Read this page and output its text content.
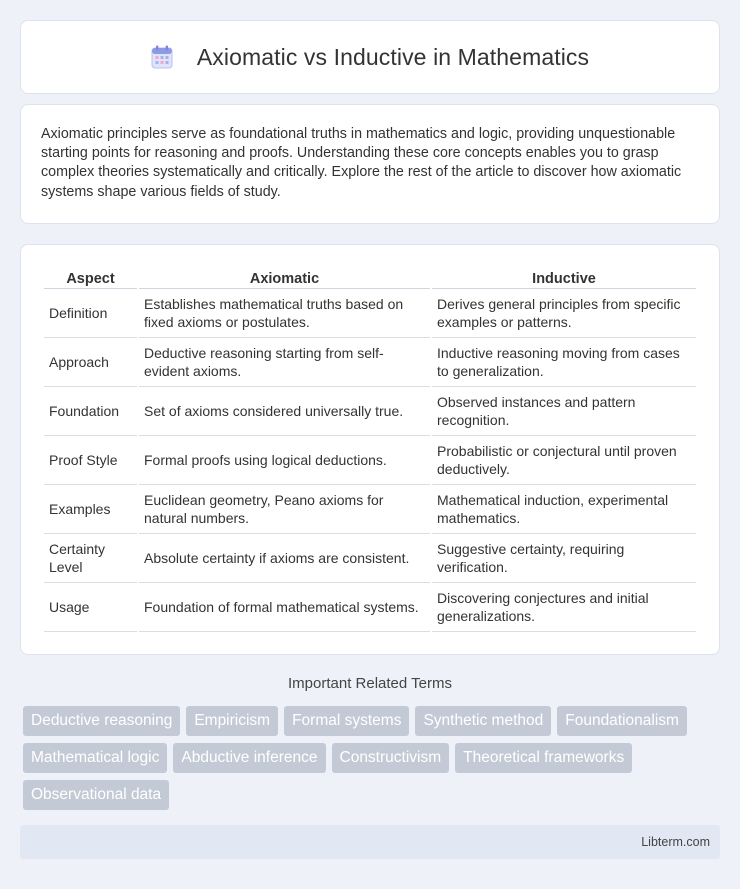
Axiomatic vs Inductive in Mathematics

Axiomatic principles serve as foundational truths in mathematics and logic, providing unquestionable starting points for reasoning and proofs. Understanding these core concepts enables you to grasp complex theories systematically and critically. Explore the rest of the article to discover how axiomatic systems shape various fields of study.

Aspect	Axiomatic	Inductive
Definition	Establishes mathematical truths based on fixed axioms or postulates.	Derives general principles from specific examples or patterns.
Approach	Deductive reasoning starting from self-evident axioms.	Inductive reasoning moving from cases to generalization.
Foundation	Set of axioms considered universally true.	Observed instances and pattern recognition.
Proof Style	Formal proofs using logical deductions.	Probabilistic or conjectural until proven deductively.
Examples	Euclidean geometry, Peano axioms for natural numbers.	Mathematical induction, experimental mathematics.
Certainty Level	Absolute certainty if axioms are consistent.	Suggestive certainty, requiring verification.
Usage	Foundation of formal mathematical systems.	Discovering conjectures and initial generalizations.
Important Related Terms
Deductive reasoning	Empiricism	Formal systems	Synthetic method	Foundationalism
Mathematical logic	Abductive inference	Constructivism	Theoretical frameworks
Observational data
Libterm.com
